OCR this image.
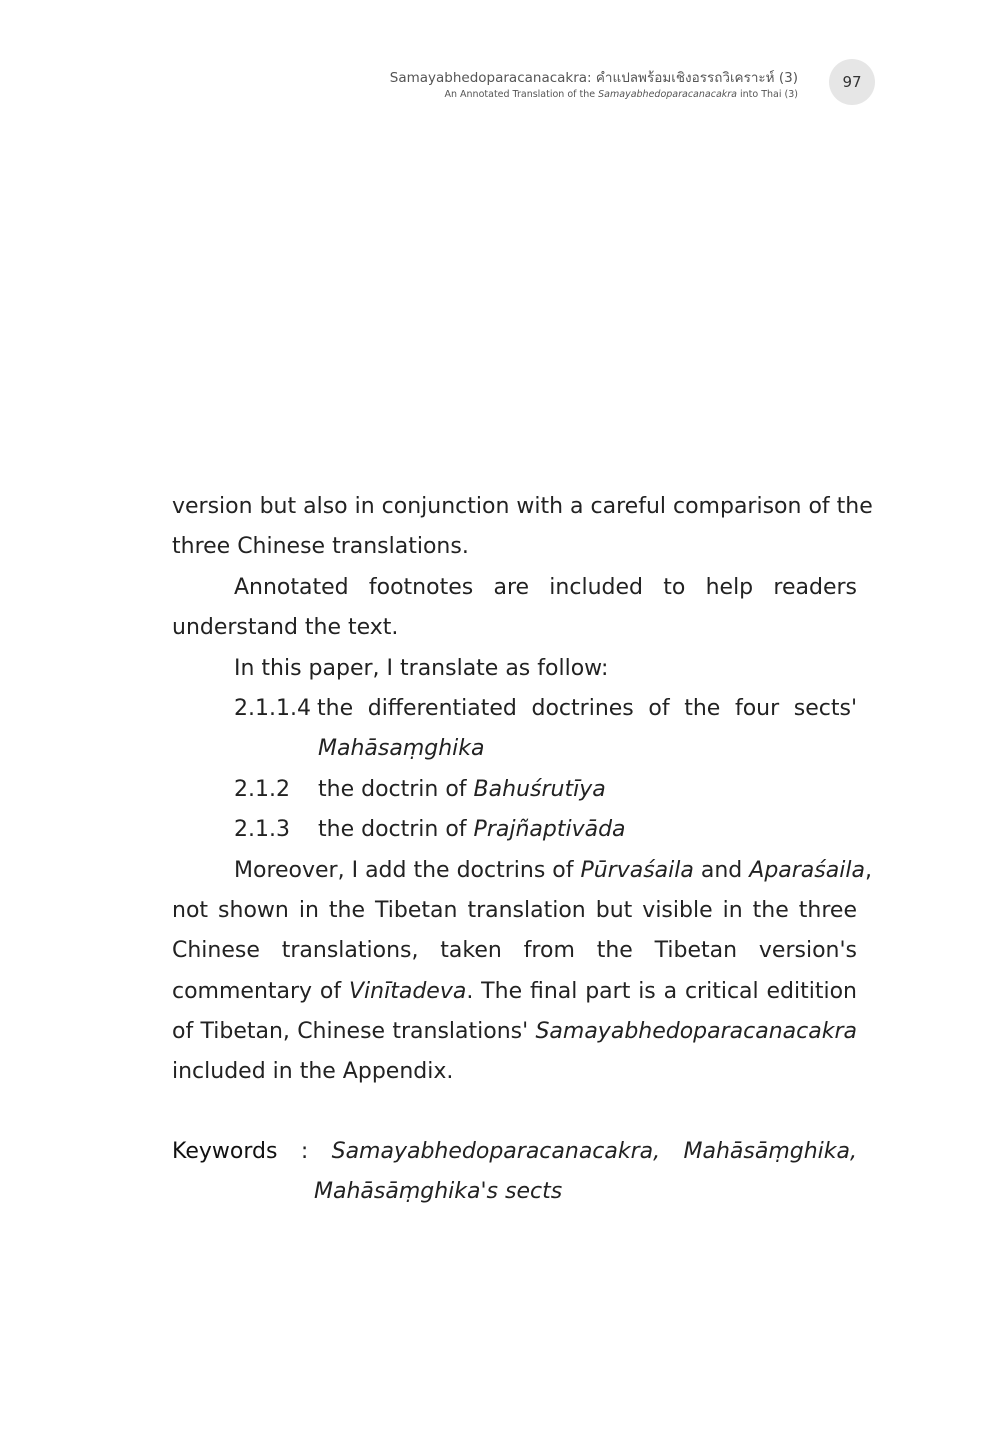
Samayabhedoparacanacakra: คำแปลพร้อมเชิงอรรถวิเคราะห์ (3)
An Annotated Translation of the Samayabhedoparacanacakra into Thai (3)
97
version but also in conjunction with a careful comparison of the
three Chinese translations.
Annotated footnotes are included to help readers
understand the text.
In this paper, I translate as follow:
2.1.1.4 the differentiated doctrines of the four sects'
Mahāsaṃghika
2.1.2 the doctrin of Bahuśrutīya
2.1.3 the doctrin of Prajñaptivāda
Moreover, I add the doctrins of Pūrvaśaila and Aparaśaila,
not shown in the Tibetan translation but visible in the three
Chinese translations, taken from the Tibetan version's
commentary of Vinītadeva. The final part is a critical editition
of Tibetan, Chinese translations' Samayabhedoparacanacakra
included in the Appendix.
Keywords : Samayabhedoparacanacakra, Mahāsāṃghika,
Mahāsāṃghika's sects
